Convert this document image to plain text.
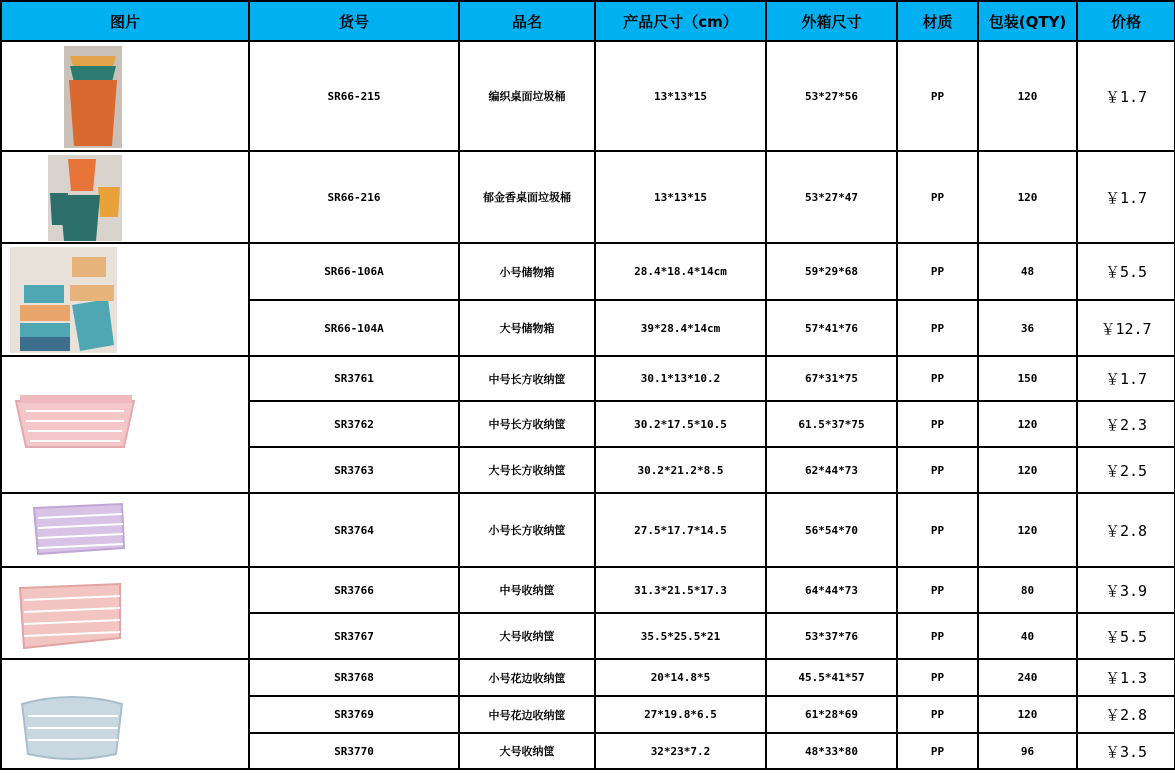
图片	货号	品名	产品尺寸（cm）	外箱尺寸	材质	包装(QTY)	价格

	SR66-215	编织桌面垃圾桶	13*13*15	53*27*56	PP	120	￥1.7

	SR66-216	郁金香桌面垃圾桶	13*13*15	53*27*47	PP	120	￥1.7

	SR66-106A	小号储物箱	28.4*18.4*14cm	59*29*68	PP	48	￥5.5
	SR66-104A	大号储物箱	39*28.4*14cm	57*41*76	PP	36	￥12.7

	SR3761	中号长方收纳筐	30.1*13*10.2	67*31*75	PP	150	￥1.7
	SR3762	中号长方收纳筐	30.2*17.5*10.5	61.5*37*75	PP	120	￥2.3
	SR3763	大号长方收纳筐	30.2*21.2*8.5	62*44*73	PP	120	￥2.5

	SR3764	小号长方收纳筐	27.5*17.7*14.5	56*54*70	PP	120	￥2.8

	SR3766	中号收纳筐	31.3*21.5*17.3	64*44*73	PP	80	￥3.9
	SR3767	大号收纳筐	35.5*25.5*21	53*37*76	PP	40	￥5.5

	SR3768	小号花边收纳筐	20*14.8*5	45.5*41*57	PP	240	￥1.3
	SR3769	中号花边收纳筐	27*19.8*6.5	61*28*69	PP	120	￥2.8
	SR3770	大号收纳筐	32*23*7.2	48*33*80	PP	96	￥3.5
